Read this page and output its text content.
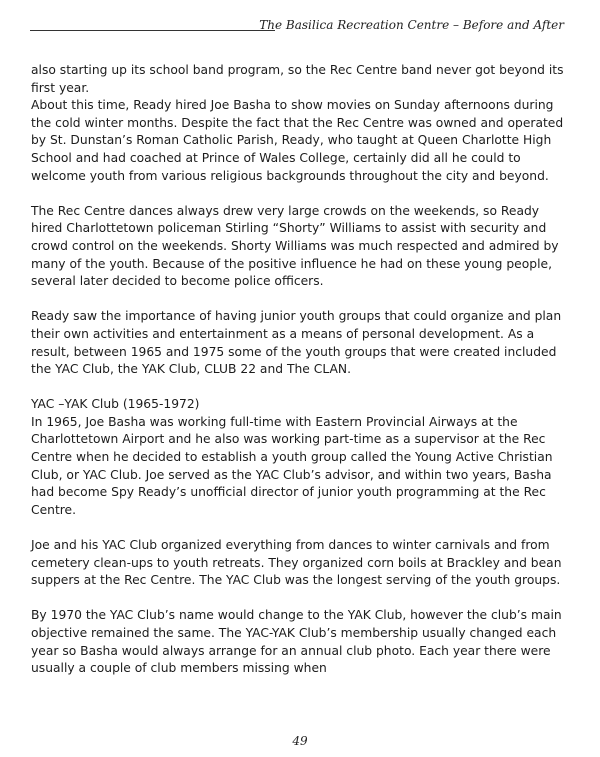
The Basilica Recreation Centre – Before and After

also starting up its school band program, so the Rec Centre band never got beyond its first year.

About this time, Ready hired Joe Basha to show movies on Sunday afternoons during the cold winter months. Despite the fact that the Rec Centre was owned and operated by St. Dunstan’s Roman Catholic Parish, Ready, who taught at Queen Charlotte High School and had coached at Prince of Wales College, certainly did all he could to welcome youth from various religious backgrounds throughout the city and beyond.

The Rec Centre dances always drew very large crowds on the weekends, so Ready hired Charlottetown policeman Stirling “Shorty” Williams to assist with security and crowd control on the weekends. Shorty Williams was much respected and admired by many of the youth. Because of the positive influence he had on these young people, several later decided to become police officers.

Ready saw the importance of having junior youth groups that could organize and plan their own activities and entertainment as a means of personal development. As a result, between 1965 and 1975 some of the youth groups that were created included the YAC Club, the YAK Club, CLUB 22 and The CLAN.

YAC –YAK Club (1965-1972)

In 1965, Joe Basha was working full-time with Eastern Provincial Airways at the Charlottetown Airport and he also was working part-time as a supervisor at the Rec Centre when he decided to establish a youth group called the Young Active Christian Club, or YAC Club. Joe served as the YAC Club’s advisor, and within two years, Basha had become Spy Ready’s unofficial director of junior youth programming at the Rec Centre.

Joe and his YAC Club organized everything from dances to winter carnivals and from cemetery clean-ups to youth retreats. They organized corn boils at Brackley and bean suppers at the Rec Centre. The YAC Club was the longest serving of the youth groups.

By 1970 the YAC Club’s name would change to the YAK Club, however the club’s main objective remained the same. The YAC-YAK Club’s membership usually changed each year so Basha would always arrange for an annual club photo. Each year there were usually a couple of club members missing when

49
